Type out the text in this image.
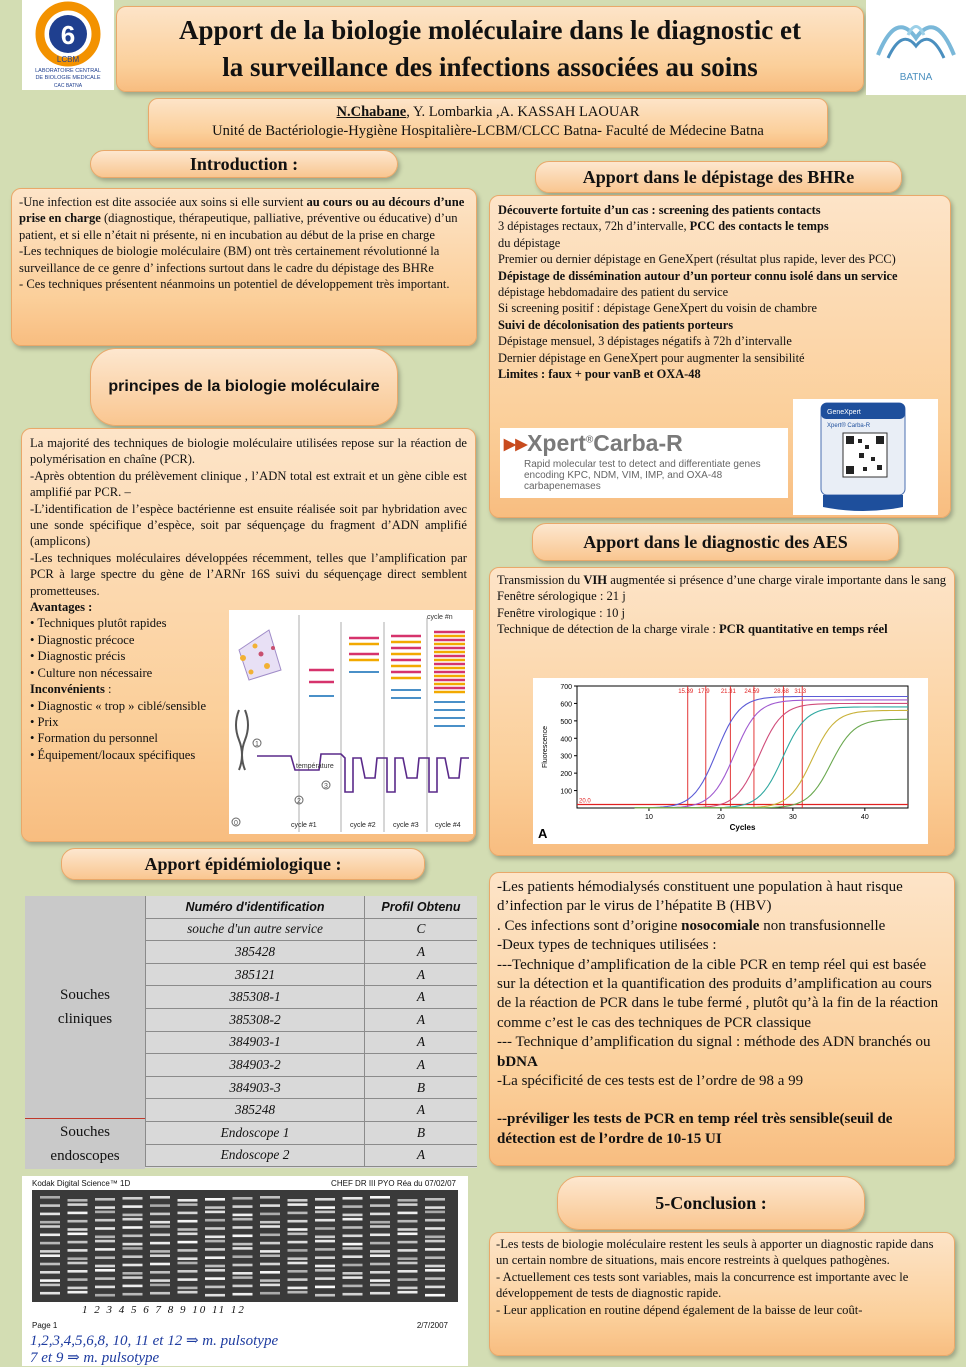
6
LCBM
LABORATOIRE CENTRAL
DE BIOLOGIE MEDICALE
CAC BATNA
Apport de la biologie moléculaire dans le diagnostic et
la surveillance des infections associées au soins	BATNA
N.Chabane, Y. Lombarkia ,A. KASSAH LAOUAR
Unité de Bactériologie-Hygiène Hospitalière-LCBM/CLCC Batna- Faculté de Médecine Batna
Introduction :

-Une infection est dite associée aux soins si elle survient au cours ou au décours d’une prise en charge (diagnostique, thérapeutique, palliative, préventive ou éducative) d’un patient, et si elle n’était ni présente, ni en incubation au début de la prise en charge

-Les techniques de biologie moléculaire (BM) ont très certainement révolutionné la surveillance de ce genre d’ infections surtout dans le cadre du dépistage des BHRe

- Ces techniques présentent néanmoins un potentiel de développement très important.

principes de la biologie moléculaire

La majorité des techniques de biologie moléculaire utilisées repose sur la réaction de polymérisation en chaîne (PCR).

-Après obtention du prélèvement clinique , l’ADN total est extrait et un gène cible est amplifié par PCR. –

-L’identification de l’espèce bactérienne est ensuite réalisée soit par hybridation avec une sonde spécifique d’espèce, soit par séquençage du fragment d’ADN amplifié (amplicons)

-Les techniques moléculaires développées récemment, telles que l’amplification par PCR à large spectre du gène de l’ARNr 16S suivi du séquençage direct semblent prometteuses.

Avantages :

• Techniques plutôt rapides

• Diagnostic précoce

• Diagnostic précis

• Culture non nécessaire

Inconvénients :

• Diagnostic « trop » ciblé/sensible

• Prix

• Formation du personnel

• Équipement/locaux spécifiques

température
cycle #n
1
2
3
0	cycle #1	cycle #2 cycle #3 cycle #4
Apport épidémiologique :
Souches
cliniques
Souches
endoscopes
Numéro d'identification	Profil Obtenu
souche d'un autre service	C
385428	A
385121	A
385308-1	A
385308-2	A
384903-1	A
384903-2	A
384903-3	B
385248	A
Endoscope 1	B
Endoscope 2	A
Kodak Digital Science™ 1D	CHEF DR III PYO Réa du 07/02/07
1 2 3 4 5 6 7 8 9 10 11 12
Page 1	2/7/2007
1,2,3,4,5,6,8, 10, 11 et 12 ⇒ m. pulsotype
7 et 9 ⇒ m. pulsotype
Apport dans le dépistage des BHRe

Découverte fortuite d’un cas : screening des patients contacts

3 dépistages rectaux, 72h d’intervalle, PCC des contacts le temps

du dépistage

Premier ou dernier dépistage en GeneXpert (résultat plus rapide, lever des PCC)

Dépistage de dissémination autour d’un porteur connu isolé dans un service

dépistage hebdomadaire des patient du service

Si screening positif : dépistage GeneXpert du voisin de chambre

Suivi de décolonisation des patients porteurs

Dépistage mensuel, 3 dépistages négatifs à 72h d’intervalle

Dernier dépistage en GeneXpert pour augmenter la sensibilité

Limites : faux + pour vanB et OXA-48

▸▸Xpert®Carba-R
Rapid molecular test to detect and differentiate genes encoding KPC, NDM, VIM, IMP, and OXA-48 carbapenemases
GeneXpert
Xpert® Carba-R
Apport dans le diagnostic des AES

Transmission du VIH augmentée si présence d’une charge virale importante dans le sang

Fenêtre sérologique : 21 j

Fenêtre virologique : 10 j

Technique de détection de la charge virale : PCR quantitative en temps réel

100
200
300
400
500
600
700
10	20	30	40
Cycles
Fluorescence
20.0
15.39 17.9 21.31 24.59 28.68 31.3
A

-Les patients hémodialysés constituent une population à haut risque d’infection par le virus de l’hépatite B (HBV)

. Ces infections sont d’origine nosocomiale non transfusionnelle

-Deux types de techniques utilisées :

---Technique d’amplification de la cible PCR en temp réel qui est basée sur la détection et la quantification des produits d’amplification au cours de la réaction de PCR dans le tube fermé , plutôt qu’à la fin de la réaction comme c’est le cas des techniques de PCR classique

--- Technique d’amplification du signal : méthode des ADN branchés ou bDNA

-La spécificité de ces tests est de l’ordre de 98 a 99

--préviliger les tests de PCR en temp réel très sensible(seuil de détection est de l’ordre de 10-15 UI

5-Conclusion :

-Les tests de biologie moléculaire restent les seuls à apporter un diagnostic rapide dans un certain nombre de situations, mais encore restreints à quelques pathogènes.

- Actuellement ces tests sont variables, mais la concurrence est importante avec le développement de tests de diagnostic rapide.

- Leur application en routine dépend également de la baisse de leur coût-
